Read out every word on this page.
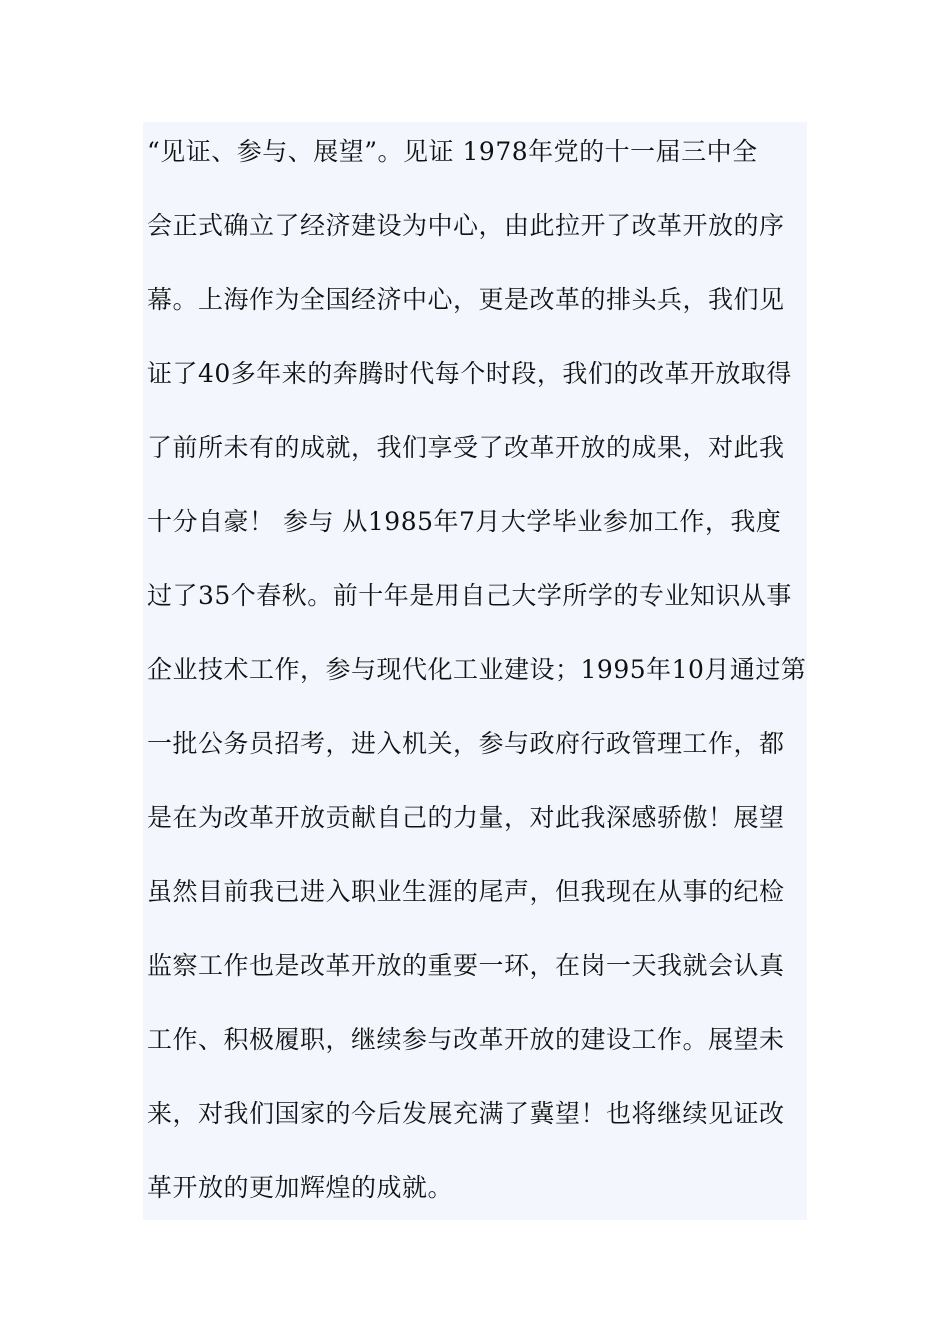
“见证、参与、展望”。见证 1978年党的十一届三中全
会正式确立了经济建设为中心，由此拉开了改革开放的序
幕。上海作为全国经济中心，更是改革的排头兵，我们见
证了40多年来的奔腾时代每个时段，我们的改革开放取得
了前所未有的成就，我们享受了改革开放的成果，对此我
十分自豪！ 参与 从1985年7月大学毕业参加工作，我度
过了35个春秋。前十年是用自己大学所学的专业知识从事
企业技术工作，参与现代化工业建设；1995年10月通过第
一批公务员招考，进入机关，参与政府行政管理工作，都
是在为改革开放贡献自己的力量，对此我深感骄傲！展望
虽然目前我已进入职业生涯的尾声，但我现在从事的纪检
监察工作也是改革开放的重要一环，在岗一天我就会认真
工作、积极履职，继续参与改革开放的建设工作。展望未
来，对我们国家的今后发展充满了冀望！也将继续见证改
革开放的更加辉煌的成就。
